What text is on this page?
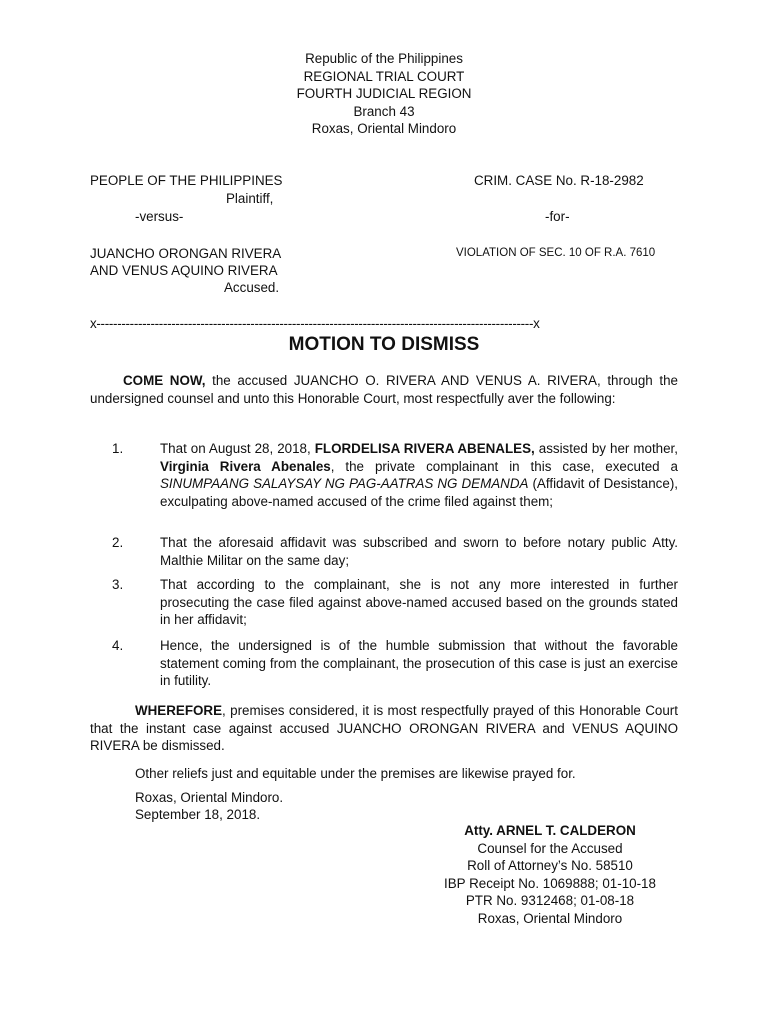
Republic of the Philippines
REGIONAL TRIAL COURT
FOURTH JUDICIAL REGION
Branch 43
Roxas, Oriental Mindoro
PEOPLE OF THE PHILIPPINES
Plaintiff,
-versus-
JUANCHO ORONGAN RIVERA
AND VENUS AQUINO RIVERA
Accused.
CRIM. CASE No. R-18-2982
-for-
VIOLATION OF SEC. 10 OF R.A. 7610
x---------------------------------------------------------------------------------------------------------x
MOTION TO DISMISS
COME NOW, the accused JUANCHO O. RIVERA AND VENUS A. RIVERA, through the undersigned counsel and unto this Honorable Court, most respectfully aver the following:
1.	That on August 28, 2018, FLORDELISA RIVERA ABENALES, assisted by her mother, Virginia Rivera Abenales, the private complainant in this case, executed a SINUMPAANG SALAYSAY NG PAG-AATRAS NG DEMANDA (Affidavit of Desistance), exculpating above-named accused of the crime filed against them;
2.	That the aforesaid affidavit was subscribed and sworn to before notary public Atty. Malthie Militar on the same day;
3.	That according to the complainant, she is not any more interested in further prosecuting the case filed against above-named accused based on the grounds stated in her affidavit;
4.	Hence, the undersigned is of the humble submission that without the favorable statement coming from the complainant, the prosecution of this case is just an exercise in futility.
WHEREFORE, premises considered, it is most respectfully prayed of this Honorable Court that the instant case against accused JUANCHO ORONGAN RIVERA and VENUS AQUINO RIVERA be dismissed.
Other reliefs just and equitable under the premises are likewise prayed for.
Roxas, Oriental Mindoro.
September 18, 2018.
Atty. ARNEL T. CALDERON
Counsel for the Accused
Roll of Attorney’s No. 58510
IBP Receipt No. 1069888; 01-10-18
PTR No. 9312468; 01-08-18
Roxas, Oriental Mindoro
